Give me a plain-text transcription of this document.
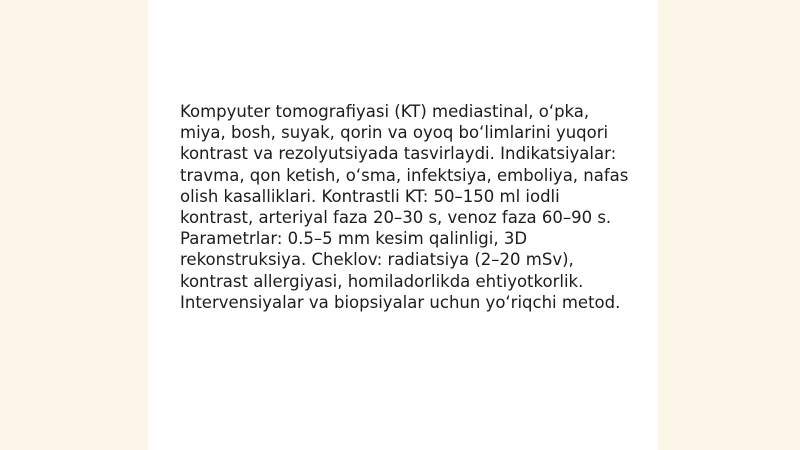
Kompyuter tomografiyasi (KT) mediastinal, oʻpka,
miya, bosh, suyak, qorin va oyoq boʻlimlarini yuqori
kontrast va rezolyutsiyada tasvirlaydi. Indikatsiyalar:
travma, qon ketish, oʻsma, infektsiya, emboliya, nafas
olish kasalliklari. Kontrastli KT: 50–150 ml iodli
kontrast, arteriyal faza 20–30 s, venoz faza 60–90 s.
Parametrlar: 0.5–5 mm kesim qalinligi, 3D
rekonstruksiya. Cheklov: radiatsiya (2–20 mSv),
kontrast allergiyasi, homiladorlikda ehtiyotkorlik.
Intervensiyalar va biopsiyalar uchun yoʻriqchi metod.
